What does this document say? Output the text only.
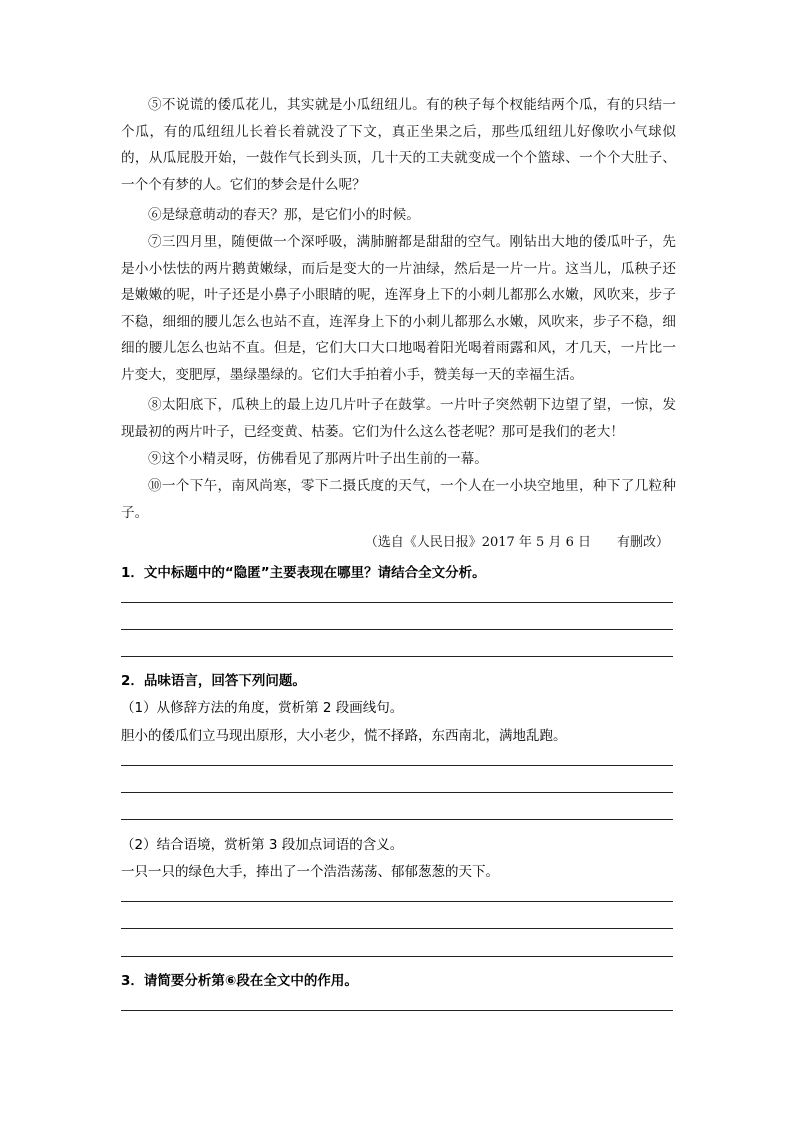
⑤不说谎的倭瓜花儿，其实就是小瓜纽纽儿。有的秧子每个杈能结两个瓜，有的只结一个瓜，有的瓜纽纽儿长着长着就没了下文，真正坐果之后，那些瓜纽纽儿好像吹小气球似的，从瓜屁股开始，一鼓作气长到头顶，几十天的工夫就变成一个个篮球、一个个大肚子、一个个有梦的人。它们的梦会是什么呢？

⑥是绿意萌动的春天？那，是它们小的时候。

⑦三四月里，随便做一个深呼吸，满肺腑都是甜甜的空气。刚钻出大地的倭瓜叶子，先是小小怯怯的两片鹅黄嫩绿，而后是变大的一片油绿，然后是一片一片。这当儿，瓜秧子还是嫩嫩的呢，叶子还是小鼻子小眼睛的呢，连浑身上下的小刺儿都那么水嫩，风吹来，步子不稳，细细的腰儿怎么也站不直，连浑身上下的小刺儿都那么水嫩，风吹来，步子不稳，细细的腰儿怎么也站不直。但是，它们大口大口地喝着阳光喝着雨露和风，才几天，一片比一片变大，变肥厚，墨绿墨绿的。它们大手拍着小手，赞美每一天的幸福生活。

⑧太阳底下，瓜秧上的最上边几片叶子在鼓掌。一片叶子突然朝下边望了望，一惊，发现最初的两片叶子，已经变黄、枯萎。它们为什么这么苍老呢？那可是我们的老大！

⑨这个小精灵呀，仿佛看见了那两片叶子出生前的一幕。

⑩一个下午，南风尚寒，零下二摄氏度的天气，一个人在一小块空地里，种下了几粒种子。

（选自《人民日报》2017 年 5 月 6 日　　有删改）

1．文中标题中的“隐匿”主要表现在哪里？请结合全文分析。

2．品味语言，回答下列问题。

（1）从修辞方法的角度，赏析第 2 段画线句。

胆小的倭瓜们立马现出原形，大小老少，慌不择路，东西南北，满地乱跑。

（2）结合语境，赏析第 3 段加点词语的含义。

一只一只的绿色大手，捧出了一个浩浩荡荡、郁郁葱葱的天下。

3．请简要分析第⑥段在全文中的作用。
